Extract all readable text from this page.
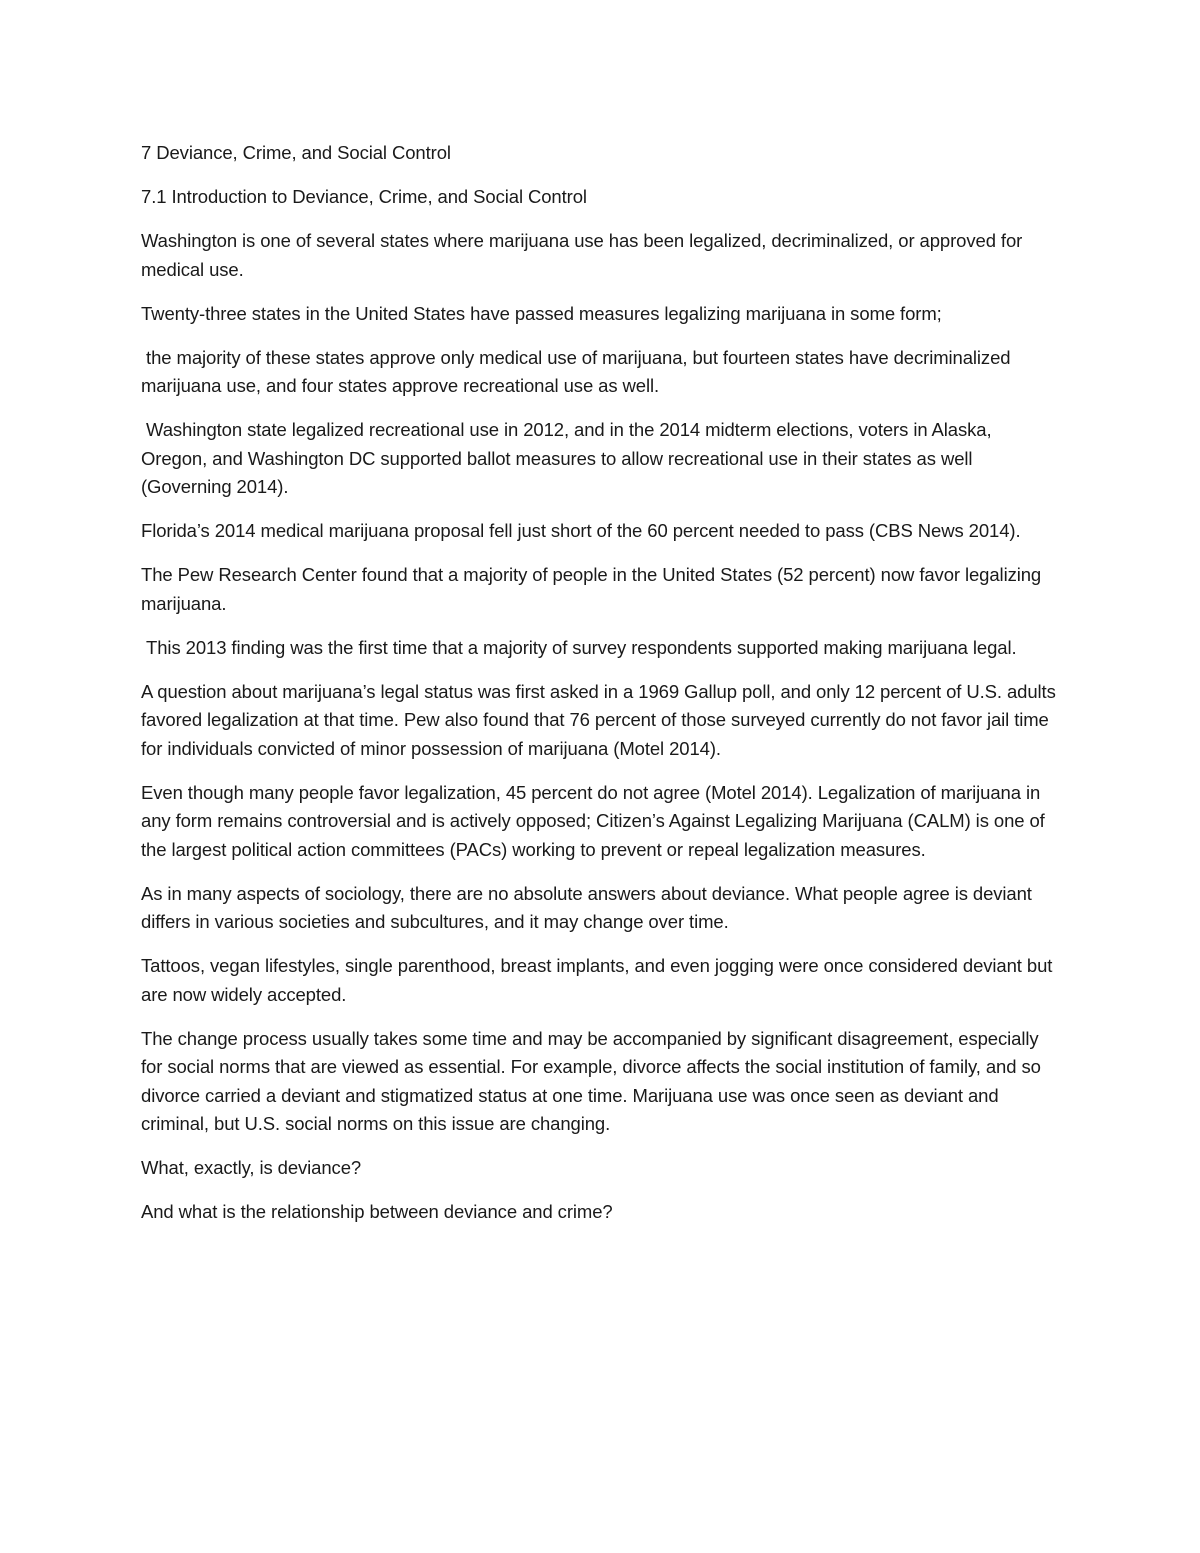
7 Deviance, Crime, and Social Control

7.1 Introduction to Deviance, Crime, and Social Control

Washington is one of several states where marijuana use has been legalized, decriminalized, or approved for medical use.

Twenty-three states in the United States have passed measures legalizing marijuana in some form;

the majority of these states approve only medical use of marijuana, but fourteen states have decriminalized marijuana use, and four states approve recreational use as well.

Washington state legalized recreational use in 2012, and in the 2014 midterm elections, voters in Alaska, Oregon, and Washington DC supported ballot measures to allow recreational use in their states as well (Governing 2014).

Florida’s 2014 medical marijuana proposal fell just short of the 60 percent needed to pass (CBS News 2014).

The Pew Research Center found that a majority of people in the United States (52 percent) now favor legalizing marijuana.

This 2013 finding was the first time that a majority of survey respondents supported making marijuana legal.

A question about marijuana’s legal status was first asked in a 1969 Gallup poll, and only 12 percent of U.S. adults favored legalization at that time. Pew also found that 76 percent of those surveyed currently do not favor jail time for individuals convicted of minor possession of marijuana (Motel 2014).

Even though many people favor legalization, 45 percent do not agree (Motel 2014). Legalization of marijuana in any form remains controversial and is actively opposed; Citizen’s Against Legalizing Marijuana (CALM) is one of the largest political action committees (PACs) working to prevent or repeal legalization measures.

As in many aspects of sociology, there are no absolute answers about deviance. What people agree is deviant differs in various societies and subcultures, and it may change over time.

Tattoos, vegan lifestyles, single parenthood, breast implants, and even jogging were once considered deviant but are now widely accepted.

The change process usually takes some time and may be accompanied by significant disagreement, especially for social norms that are viewed as essential. For example, divorce affects the social institution of family, and so divorce carried a deviant and stigmatized status at one time. Marijuana use was once seen as deviant and criminal, but U.S. social norms on this issue are changing.

What, exactly, is deviance?

And what is the relationship between deviance and crime?
